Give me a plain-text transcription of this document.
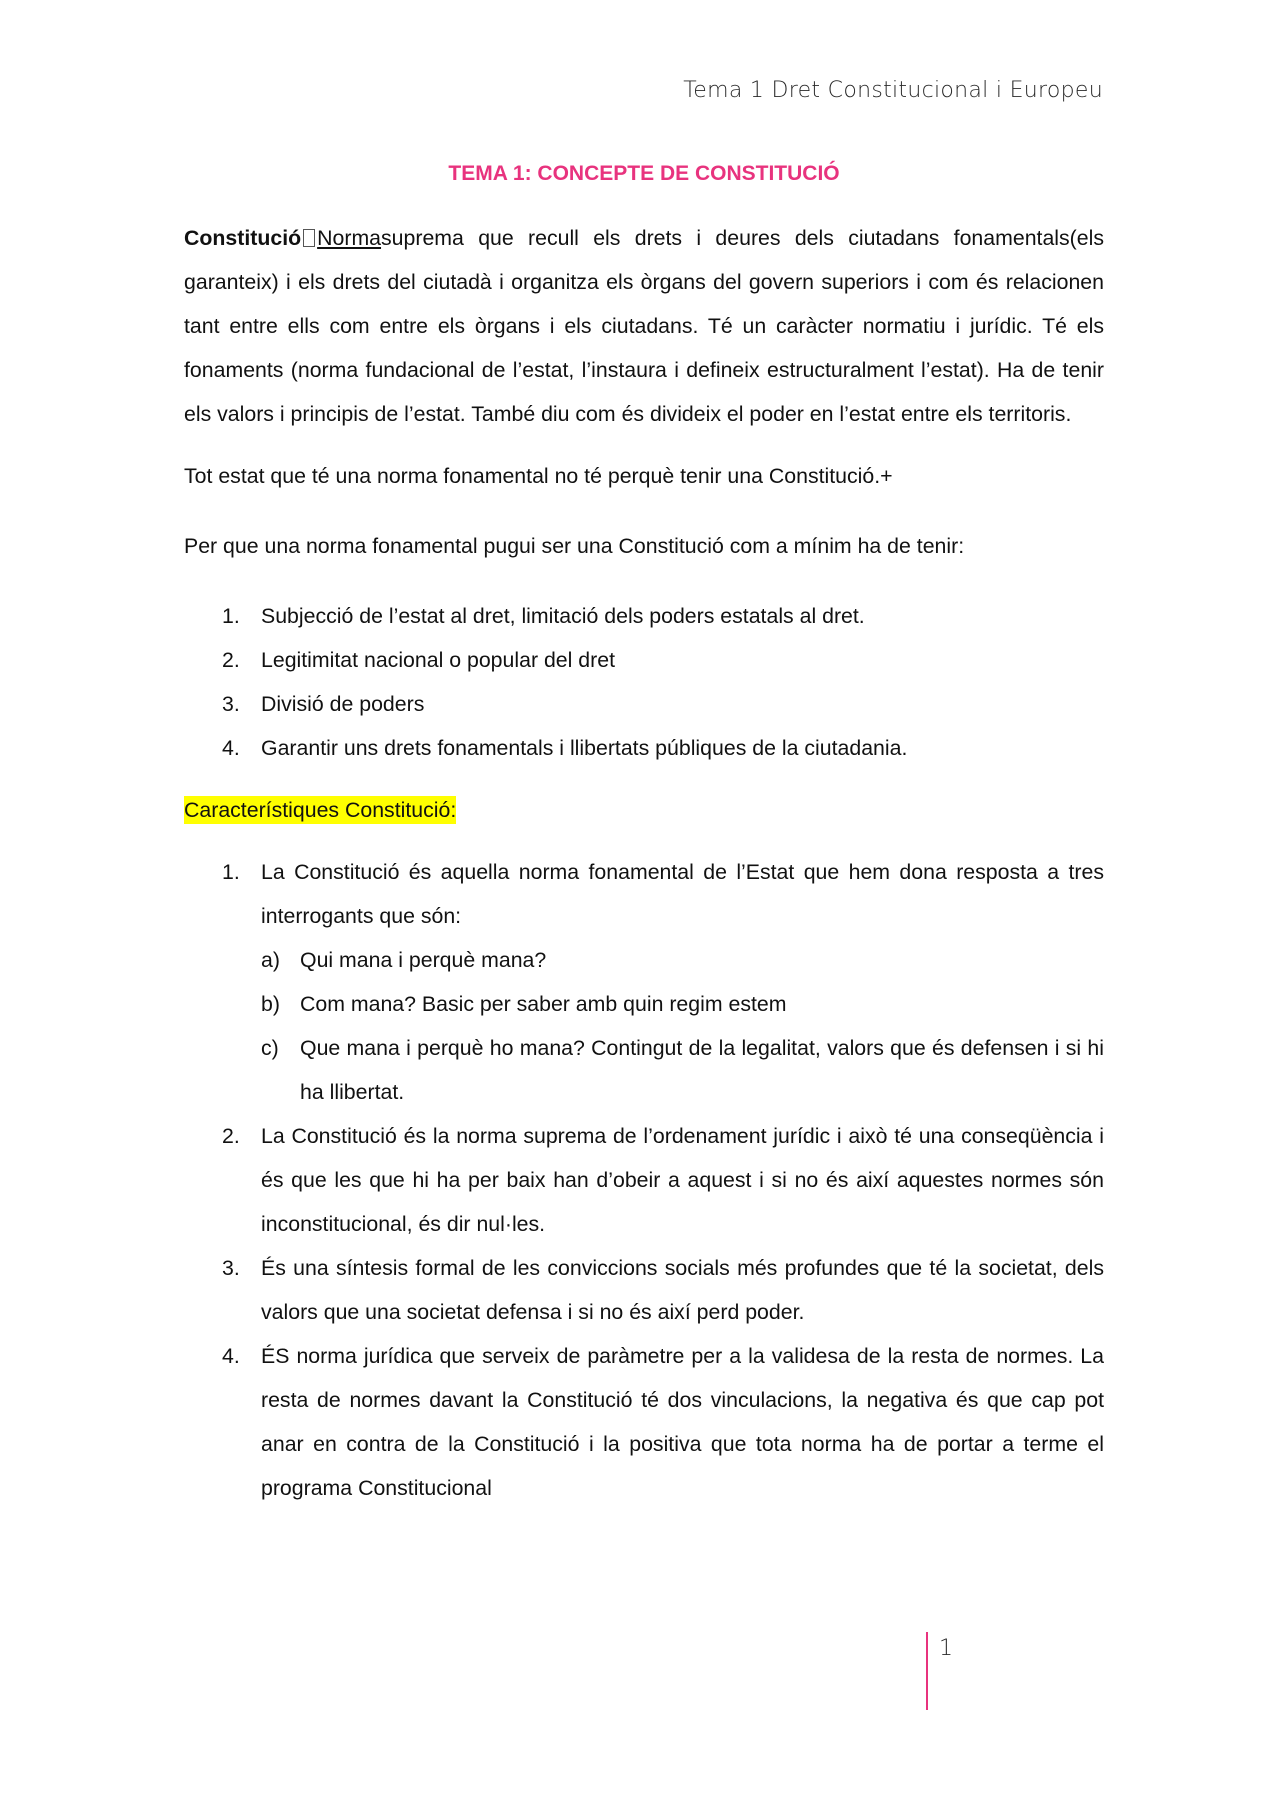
Tema 1 Dret Constitucional i Europeu
TEMA 1: CONCEPTE DE CONSTITUCIÓ

Constitució Normasuprema que recull els drets i deures dels ciutadans fonamentals(els garanteix) i els drets del ciutadà i organitza els òrgans del govern superiors i com és relacionen tant entre ells com entre els òrgans i els ciutadans. Té un caràcter normatiu i jurídic. Té els fonaments (norma fundacional de l’estat, l’instaura i defineix estructuralment l’estat). Ha de tenir els valors i principis de l’estat. També diu com és divideix el poder en l’estat entre els territoris.

Tot estat que té una norma fonamental no té perquè tenir una Constitució.+

Per que una norma fonamental pugui ser una Constitució com a mínim ha de tenir:

1. Subjecció de l’estat al dret, limitació dels poders estatals al dret.
2. Legitimitat nacional o popular del dret
3. Divisió de poders
4. Garantir uns drets fonamentals i llibertats públiques de la ciutadania.

Característiques Constitució:

1. La Constitució és aquella norma fonamental de l’Estat que hem dona resposta a tres interrogants que són:
a) Qui mana i perquè mana?
b) Com mana? Basic per saber amb quin regim estem
c) Que mana i perquè ho mana? Contingut de la legalitat, valors que és defensen i si hi ha llibertat.
2. La Constitució és la norma suprema de l’ordenament jurídic i això té una conseqüència i és que les que hi ha per baix han d’obeir a aquest i si no és així aquestes normes són inconstitucional, és dir nul·les.
3. És una síntesis formal de les conviccions socials més profundes que té la societat, dels valors que una societat defensa i si no és així perd poder.
4. ÉS norma jurídica que serveix de paràmetre per a la validesa de la resta de normes. La resta de normes davant la Constitució té dos vinculacions, la negativa és que cap pot anar en contra de la Constitució i la positiva que tota norma ha de portar a terme el programa Constitucional
1
